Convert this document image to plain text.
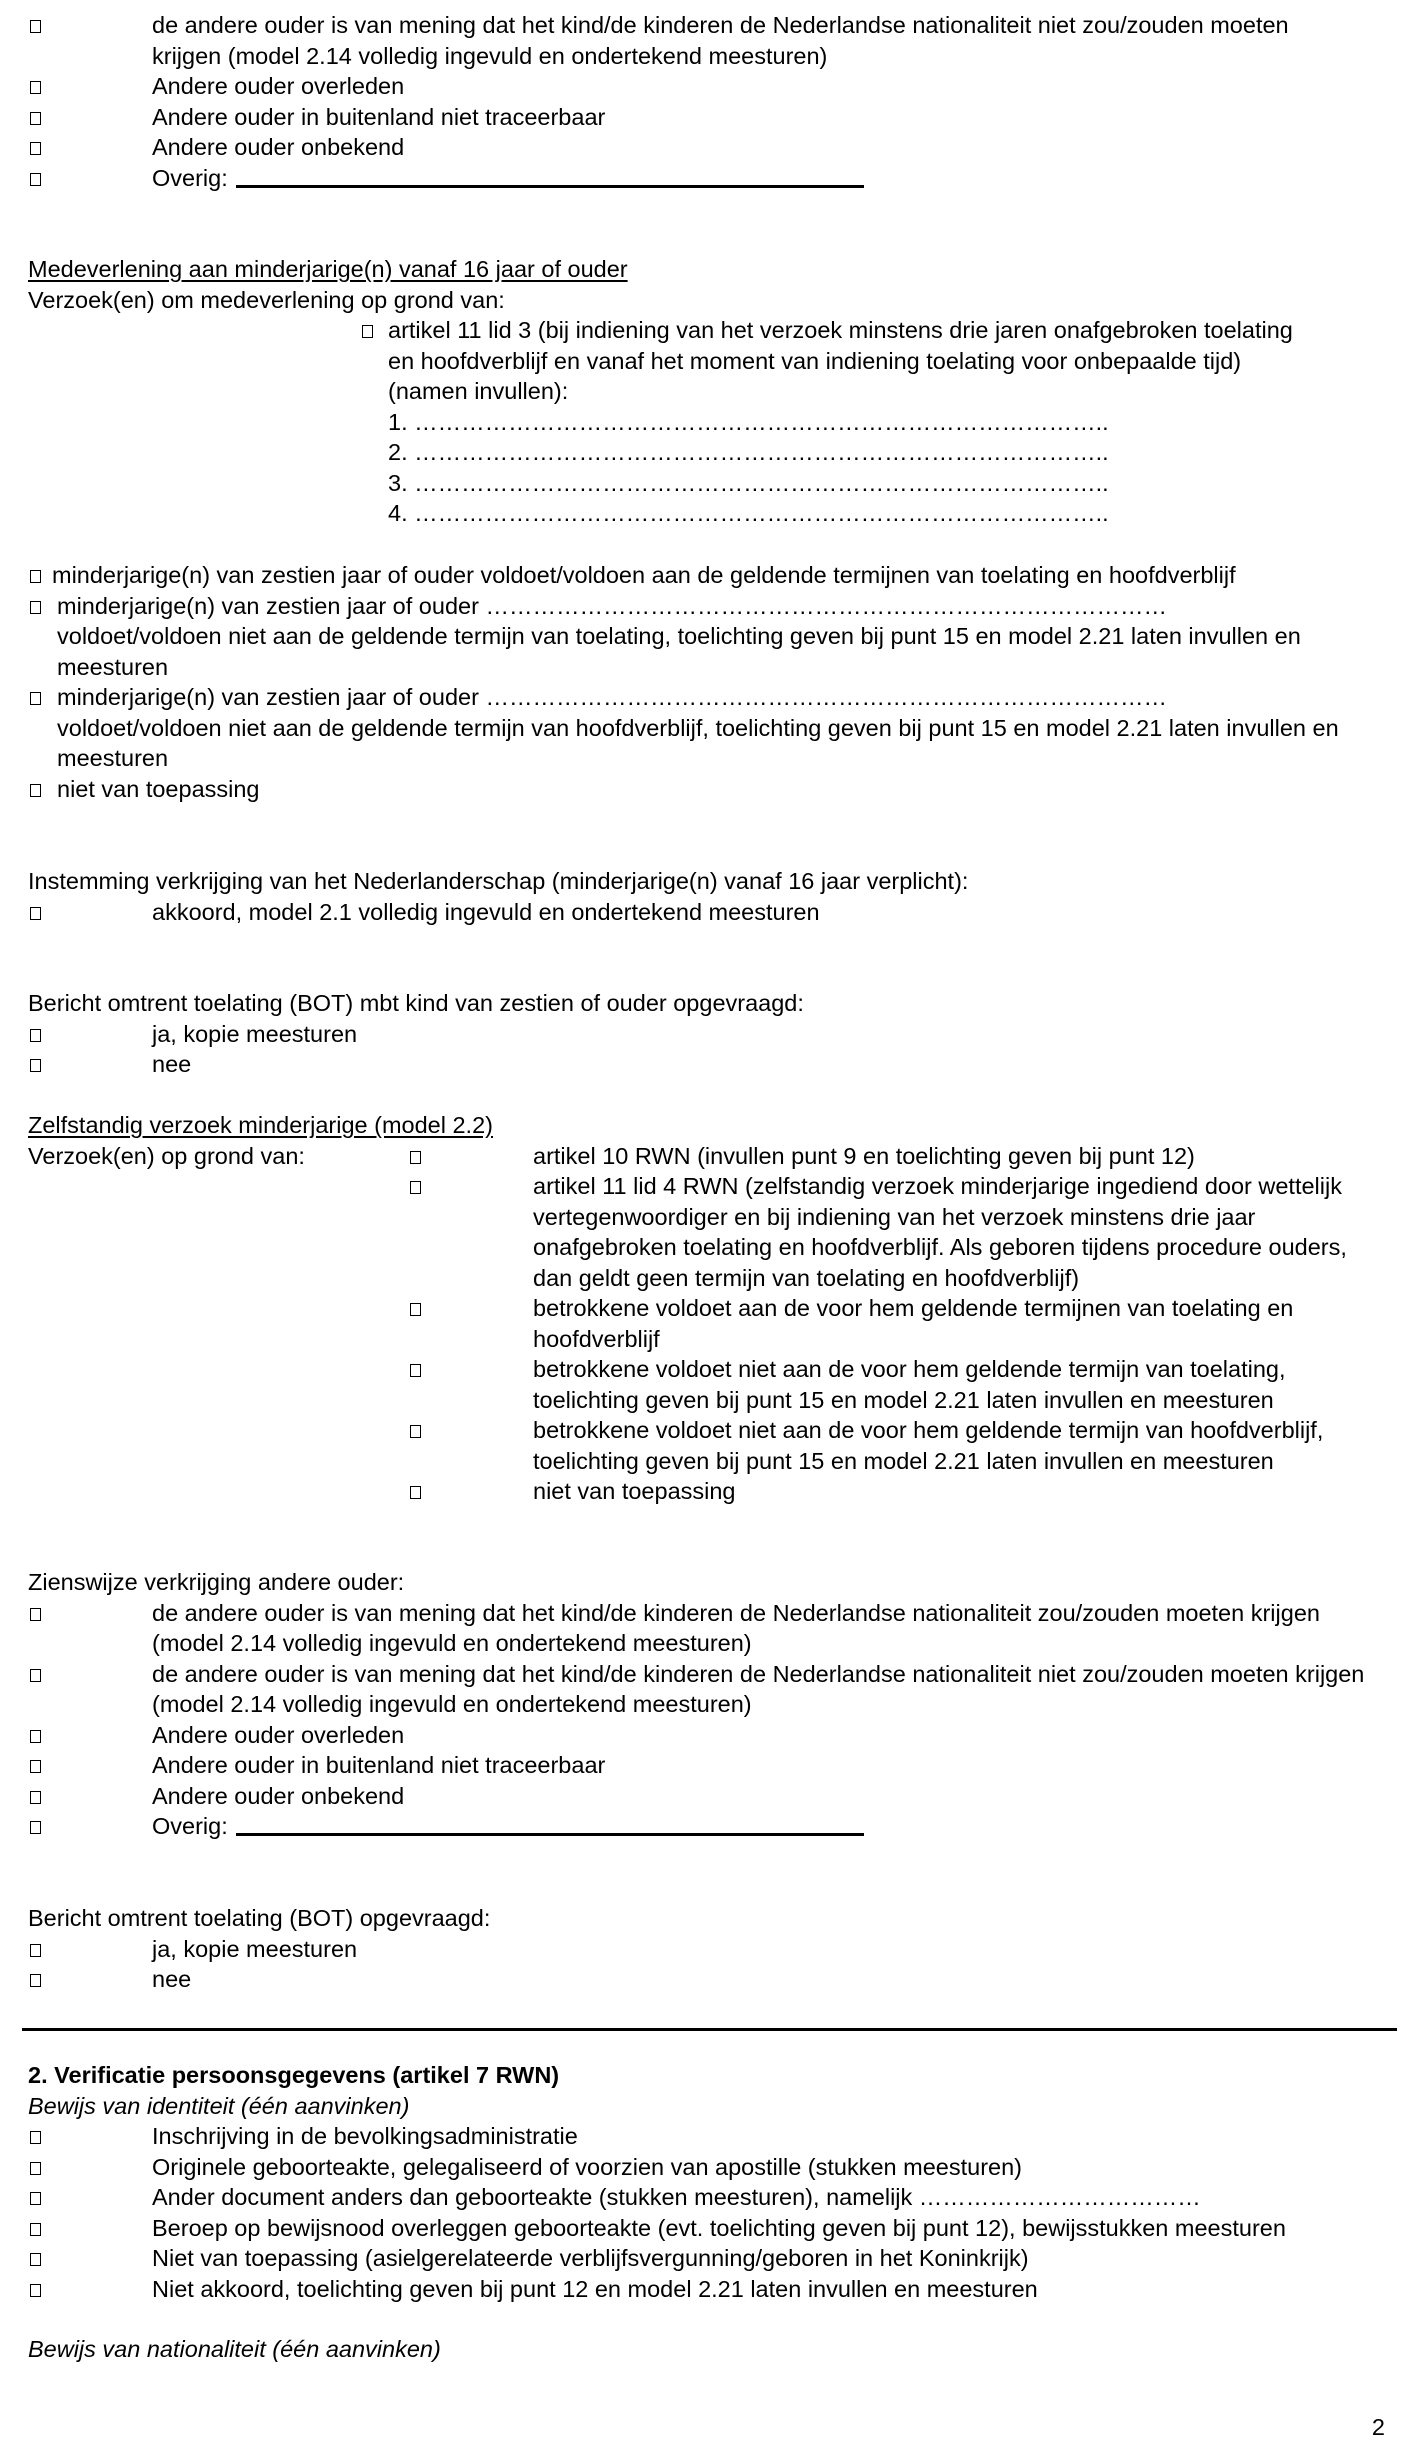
de andere ouder is van mening dat het kind/de kinderen de Nederlandse nationaliteit niet zou/zouden moeten krijgen (model 2.14 volledig ingevuld en ondertekend meesturen)
Andere ouder overleden
Andere ouder in buitenland niet traceerbaar
Andere ouder onbekend
Overig:
Medeverlening aan minderjarige(n) vanaf 16 jaar of ouder
Verzoek(en) om medeverlening op grond van:
artikel 11 lid 3 (bij indiening van het verzoek minstens drie jaren onafgebroken toelating en hoofdverblijf en vanaf het moment van indiening toelating voor onbepaalde tijd) (namen invullen):
1. ……………………………………………………………………………..
2. ……………………………………………………………………………..
3. ……………………………………………………………………………..
4. ……………………………………………………………………………..
minderjarige(n) van zestien jaar of ouder voldoet/voldoen aan de geldende termijnen van toelating en hoofdverblijf
minderjarige(n) van zestien jaar of ouder ……………………………………………………………………………
voldoet/voldoen niet aan de geldende termijn van toelating, toelichting geven bij punt 15 en model 2.21 laten invullen en meesturen
minderjarige(n) van zestien jaar of ouder ……………………………………………………………………………
voldoet/voldoen niet aan de geldende termijn van hoofdverblijf, toelichting geven bij punt 15 en model 2.21 laten invullen en meesturen
niet van toepassing
Instemming verkrijging van het Nederlanderschap (minderjarige(n) vanaf 16 jaar verplicht):
akkoord, model 2.1 volledig ingevuld en ondertekend meesturen
Bericht omtrent toelating (BOT) mbt kind van zestien of ouder opgevraagd:
ja, kopie meesturen
nee
Zelfstandig verzoek minderjarige (model 2.2)
Verzoek(en) op grond van:	artikel 10 RWN (invullen punt 9 en toelichting geven bij punt 12)
artikel 11 lid 4 RWN (zelfstandig verzoek minderjarige ingediend door wettelijk vertegenwoordiger en bij indiening van het verzoek minstens drie jaar onafgebroken toelating en hoofdverblijf. Als geboren tijdens procedure ouders, dan geldt geen termijn van toelating en hoofdverblijf)
betrokkene voldoet aan de voor hem geldende termijnen van toelating en hoofdverblijf
betrokkene voldoet niet aan de voor hem geldende termijn van toelating, toelichting geven bij punt 15 en model 2.21 laten invullen en meesturen
betrokkene voldoet niet aan de voor hem geldende termijn van hoofdverblijf, toelichting geven bij punt 15 en model 2.21 laten invullen en meesturen
niet van toepassing
Zienswijze verkrijging andere ouder:
de andere ouder is van mening dat het kind/de kinderen de Nederlandse nationaliteit zou/zouden moeten krijgen (model 2.14 volledig ingevuld en ondertekend meesturen)
de andere ouder is van mening dat het kind/de kinderen de Nederlandse nationaliteit niet zou/zouden moeten krijgen (model 2.14 volledig ingevuld en ondertekend meesturen)
Andere ouder overleden
Andere ouder in buitenland niet traceerbaar
Andere ouder onbekend
Overig:
Bericht omtrent toelating (BOT) opgevraagd:
ja, kopie meesturen
nee
2. Verificatie persoonsgegevens (artikel 7 RWN)
Bewijs van identiteit (één aanvinken)
Inschrijving in de bevolkingsadministratie
Originele geboorteakte, gelegaliseerd of voorzien van apostille (stukken meesturen)
Ander document anders dan geboorteakte (stukken meesturen), namelijk ………………………………
Beroep op bewijsnood overleggen geboorteakte (evt. toelichting geven bij punt 12), bewijsstukken meesturen
Niet van toepassing (asielgerelateerde verblijfsvergunning/geboren in het Koninkrijk)
Niet akkoord, toelichting geven bij punt 12 en model 2.21 laten invullen en meesturen
Bewijs van nationaliteit (één aanvinken)
2
